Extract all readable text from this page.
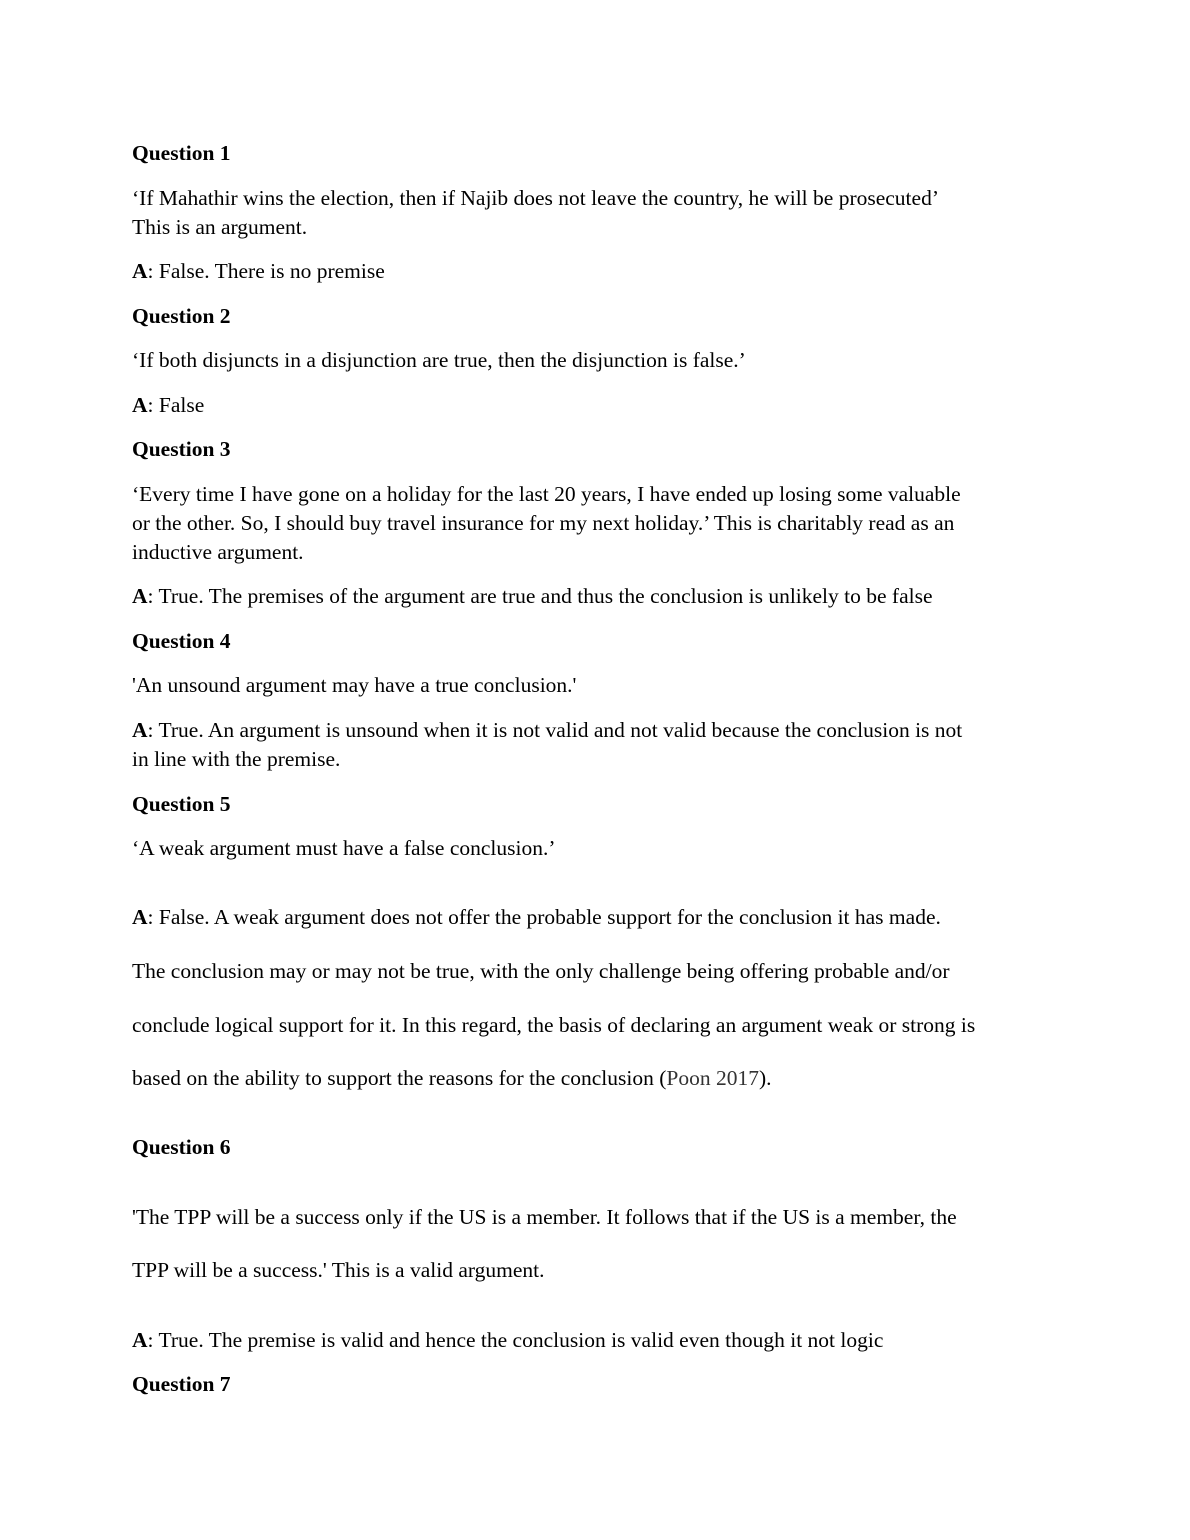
Question 1
‘If Mahathir wins the election, then if Najib does not leave the country, he will be prosecuted’
This is an argument.
A: False. There is no premise
Question 2
‘If both disjuncts in a disjunction are true, then the disjunction is false.’
A: False
Question 3
‘Every time I have gone on a holiday for the last 20 years, I have ended up losing some valuable
or the other. So, I should buy travel insurance for my next holiday.’ This is charitably read as an
inductive argument.
A: True. The premises of the argument are true and thus the conclusion is unlikely to be false
Question 4
'An unsound argument may have a true conclusion.'
A: True. An argument is unsound when it is not valid and not valid because the conclusion is not
in line with the premise.
Question 5
‘A weak argument must have a false conclusion.’
A: False. A weak argument does not offer the probable support for the conclusion it has made.
The conclusion may or may not be true, with the only challenge being offering probable and/or
conclude logical support for it. In this regard, the basis of declaring an argument weak or strong is
based on the ability to support the reasons for the conclusion (Poon 2017).
Question 6
'The TPP will be a success only if the US is a member. It follows that if the US is a member, the
TPP will be a success.' This is a valid argument.
A: True. The premise is valid and hence the conclusion is valid even though it not logic
Question 7
